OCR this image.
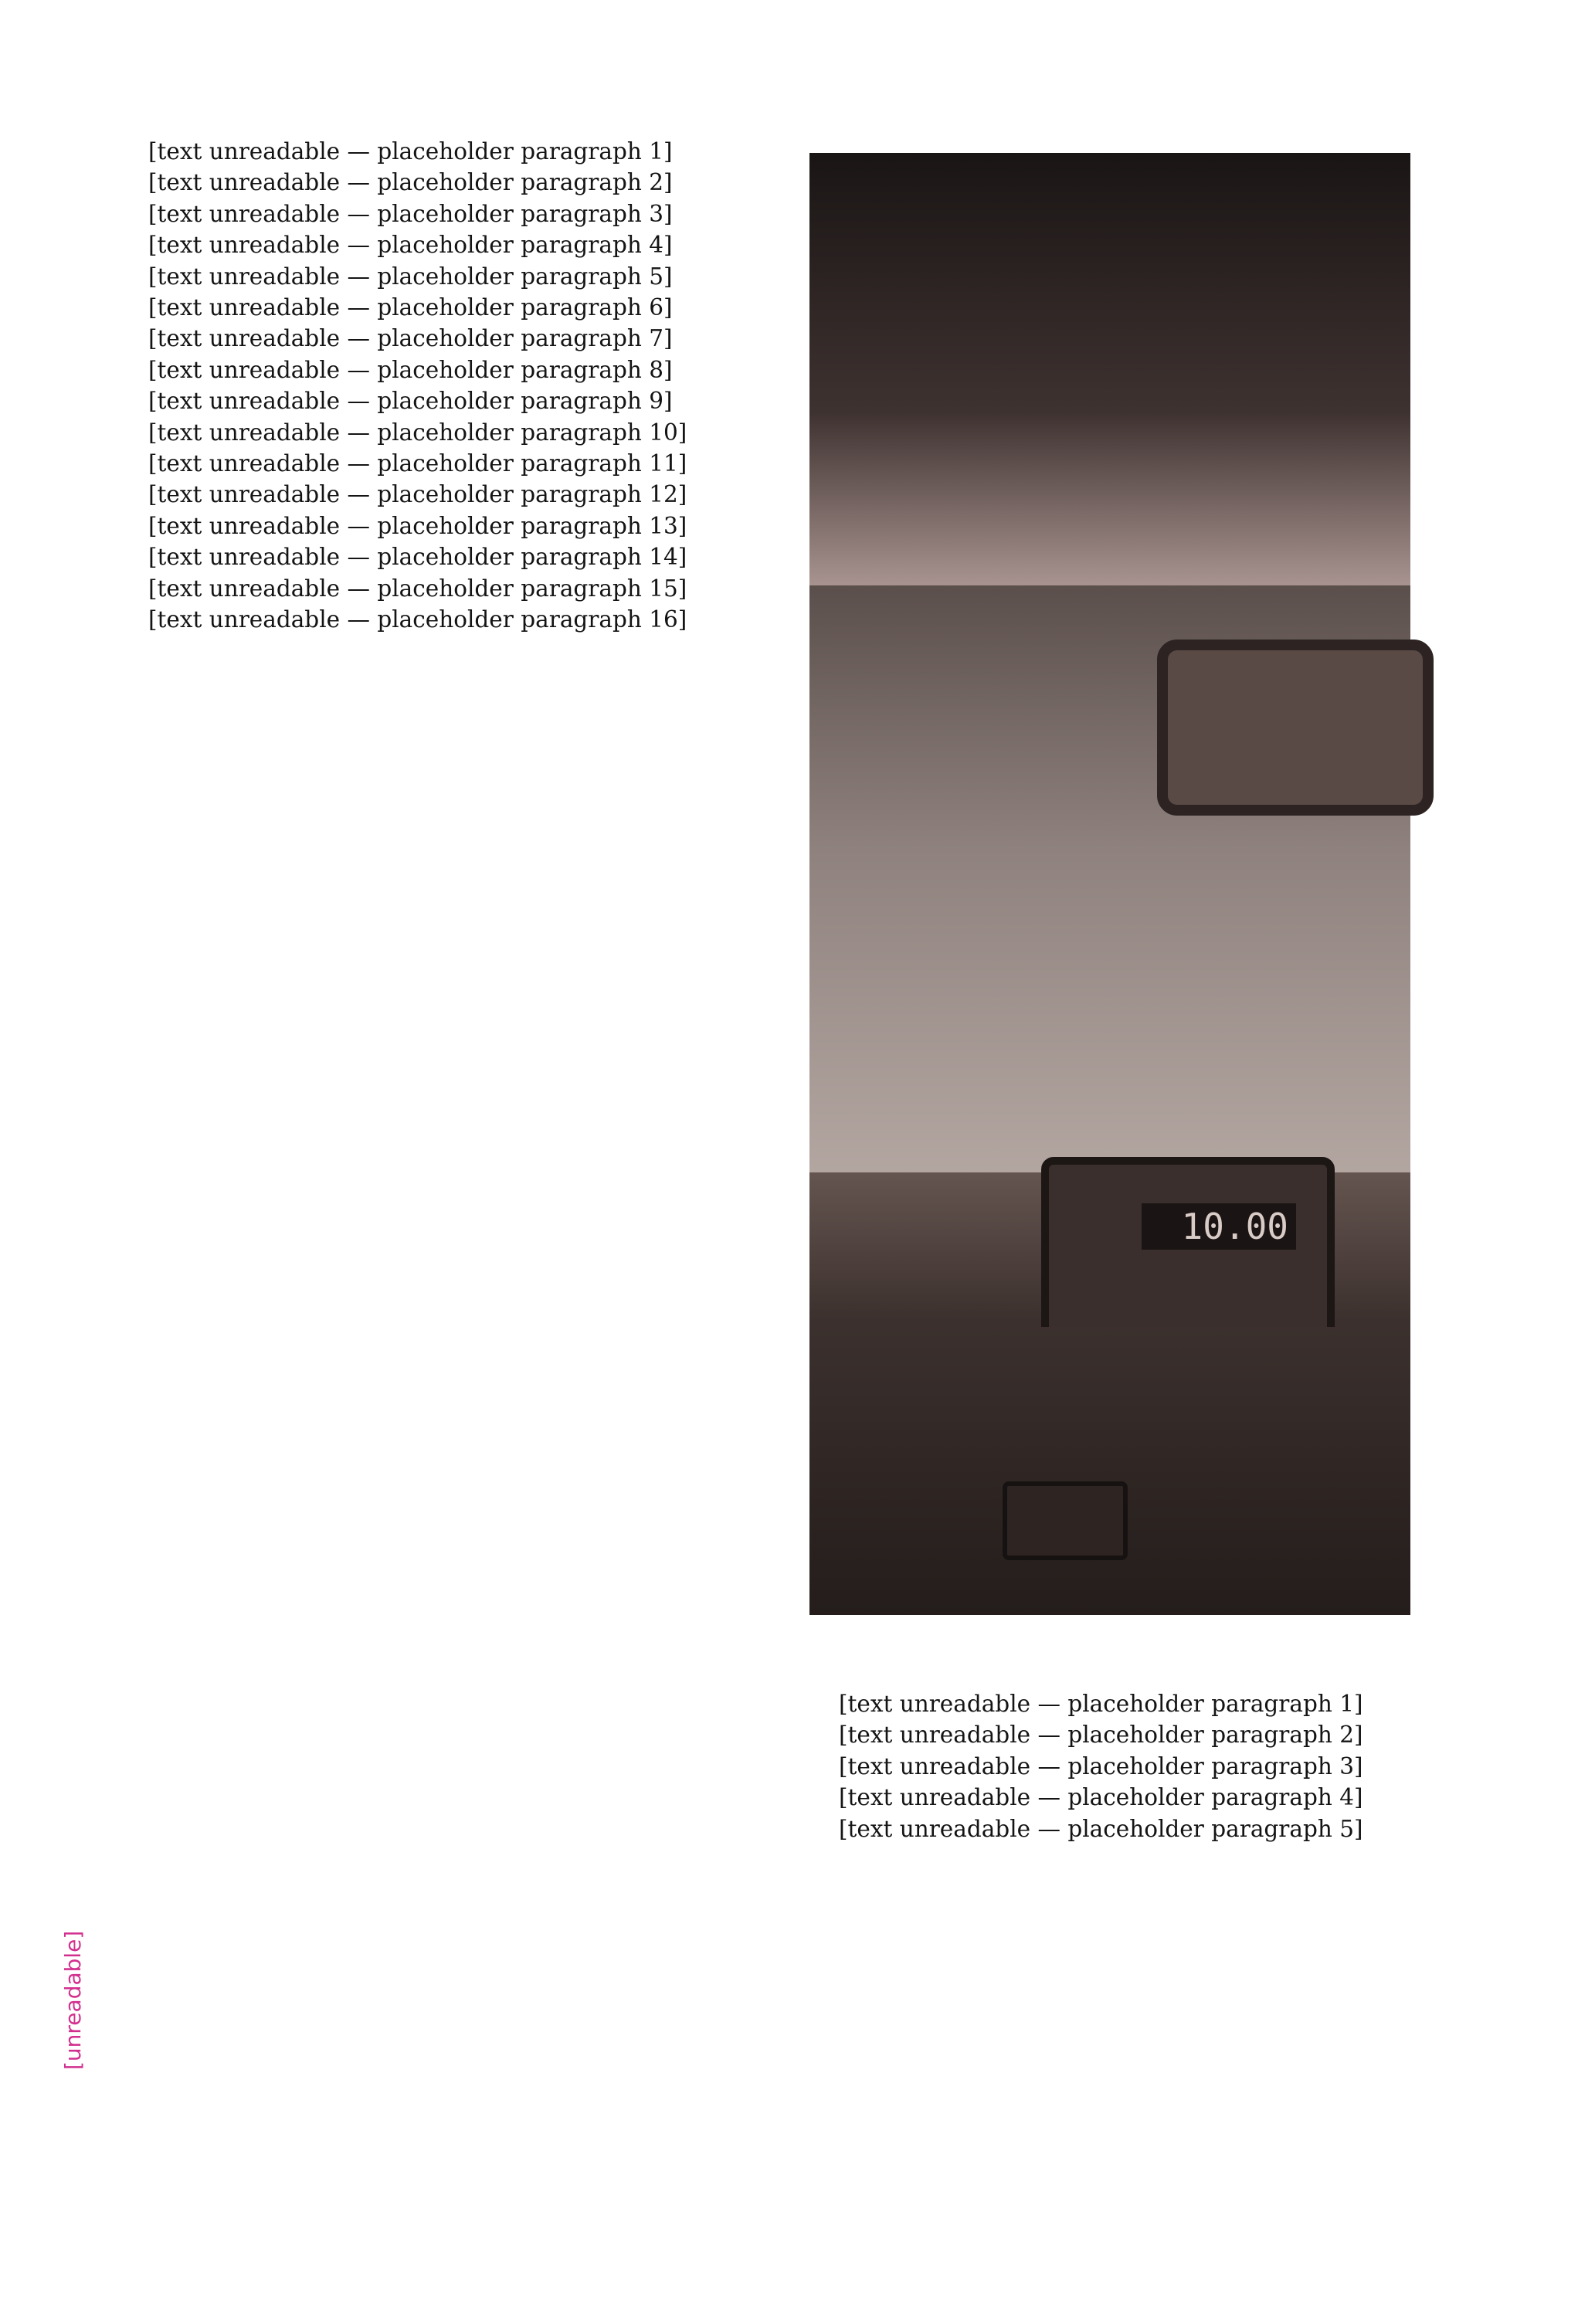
[text unreadable — placeholder paragraph 1]

[text unreadable — placeholder paragraph 2]

[text unreadable — placeholder paragraph 3]

[text unreadable — placeholder paragraph 4]

[text unreadable — placeholder paragraph 5]

[text unreadable — placeholder paragraph 6]

[text unreadable — placeholder paragraph 7]

[text unreadable — placeholder paragraph 8]

[text unreadable — placeholder paragraph 9]

[text unreadable — placeholder paragraph 10]

[text unreadable — placeholder paragraph 11]

[text unreadable — placeholder paragraph 12]

[text unreadable — placeholder paragraph 13]

[text unreadable — placeholder paragraph 14]

[text unreadable — placeholder paragraph 15]

[text unreadable — placeholder paragraph 16]

10.00

[text unreadable — placeholder paragraph 1]

[text unreadable — placeholder paragraph 2]

[text unreadable — placeholder paragraph 3]

[text unreadable — placeholder paragraph 4]

[text unreadable — placeholder paragraph 5]

[unreadable]
